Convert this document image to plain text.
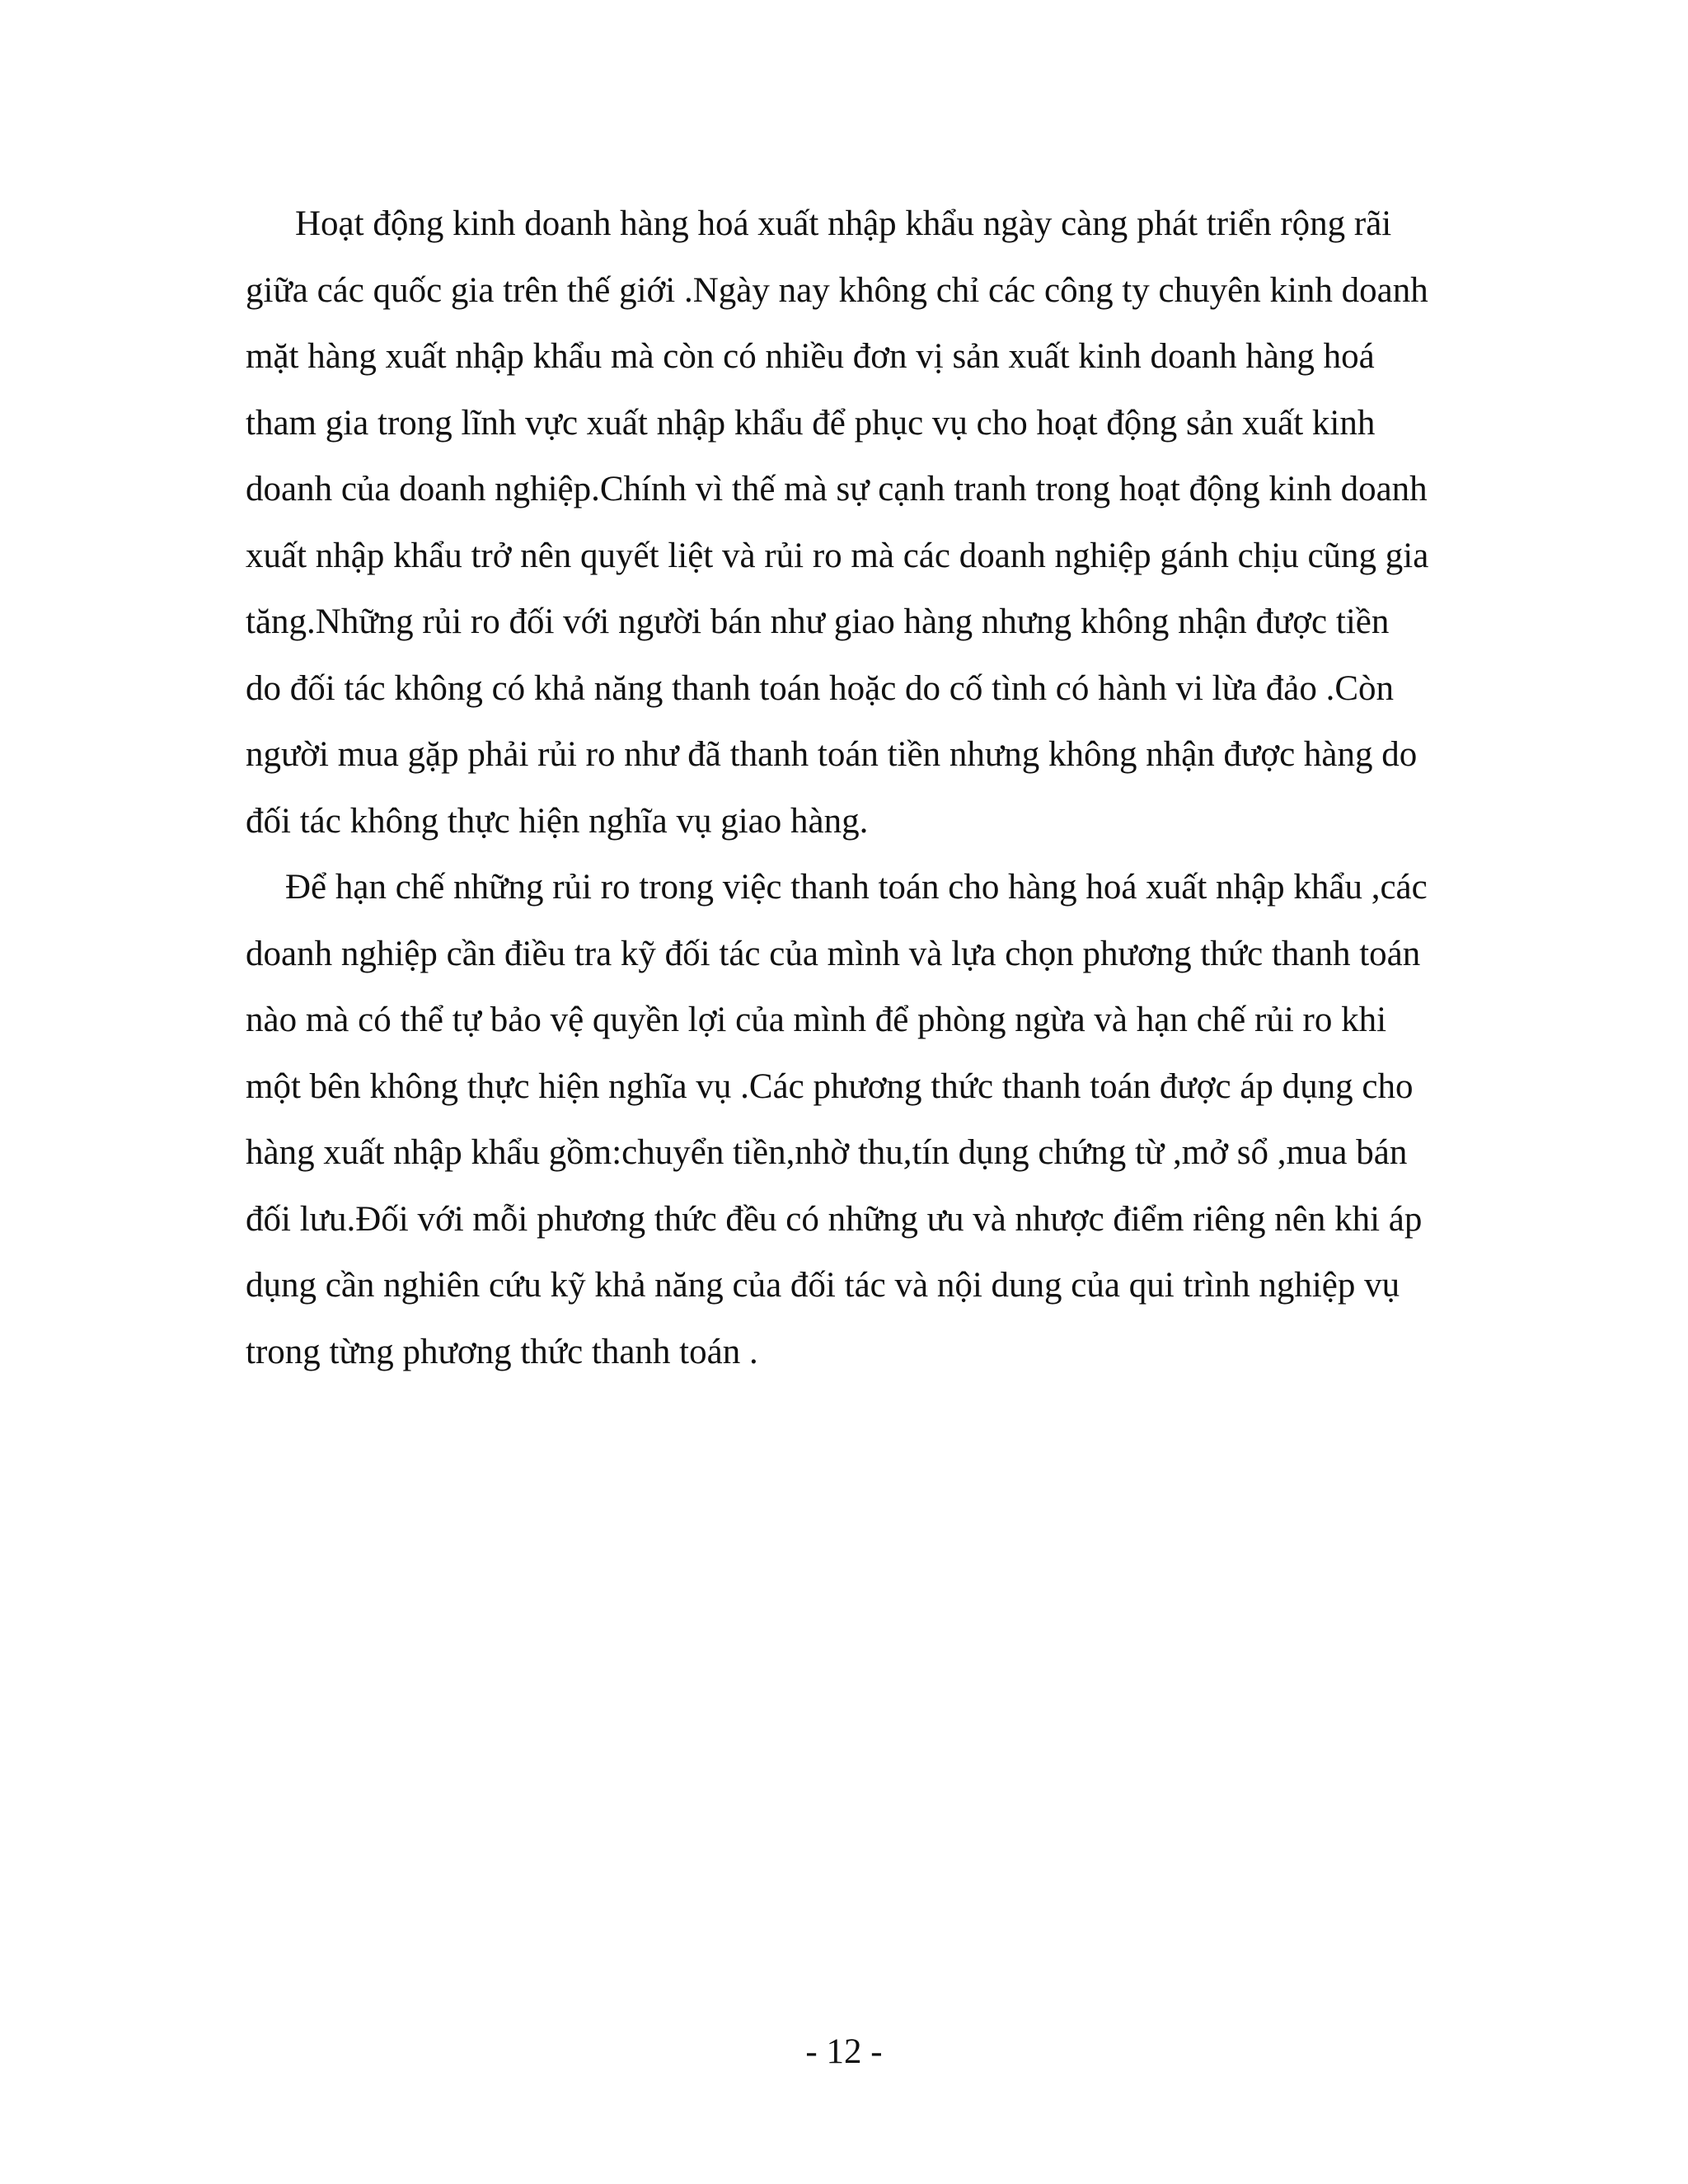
Hoạt động kinh doanh hàng hoá xuất nhập khẩu ngày càng phát triển rộng rãi
giữa các quốc gia trên thế giới .Ngày nay không chỉ các công ty chuyên kinh doanh
mặt hàng xuất nhập khẩu mà còn có nhiều đơn vị sản xuất kinh doanh hàng hoá
tham gia trong lĩnh vực xuất nhập khẩu để phục vụ cho hoạt động sản xuất kinh
doanh của doanh nghiệp.Chính vì thế mà sự cạnh tranh trong hoạt động kinh doanh
xuất nhập khẩu trở nên quyết liệt và rủi ro mà các doanh nghiệp gánh chịu cũng gia
tăng.Những rủi ro đối với người bán như giao hàng nhưng không nhận được tiền
do đối tác không có khả năng thanh toán hoặc do cố tình có hành vi lừa đảo .Còn
người mua gặp phải rủi ro như đã thanh toán tiền nhưng không nhận được hàng do
đối tác không thực hiện nghĩa vụ giao hàng.
Để hạn chế những rủi ro trong việc thanh toán cho hàng hoá xuất nhập khẩu ,các
doanh nghiệp cần điều tra kỹ đối tác của mình và lựa chọn phương thức thanh toán
nào mà có thể tự bảo vệ quyền lợi của mình để phòng ngừa và hạn chế rủi ro khi
một bên không thực hiện nghĩa vụ .Các phương thức thanh toán được áp dụng cho
hàng xuất nhập khẩu gồm:chuyển tiền,nhờ thu,tín dụng chứng từ ,mở sổ ,mua bán
đối lưu.Đối với mỗi phương thức đều có những ưu và nhược điểm riêng nên khi áp
dụng cần nghiên cứu kỹ khả năng của đối tác và nội dung của qui trình nghiệp vụ
trong từng phương thức thanh toán .
- 12 -
